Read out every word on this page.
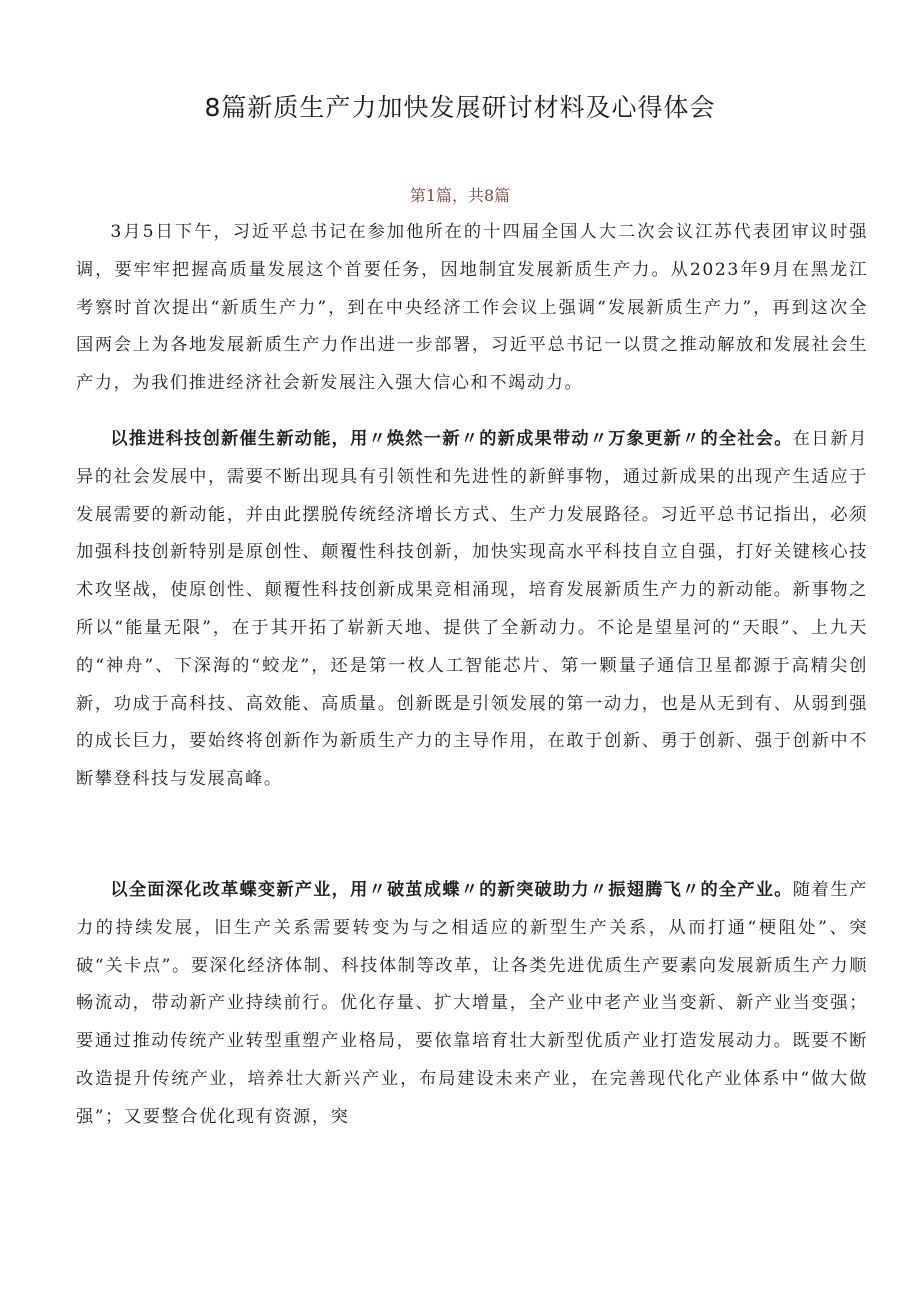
8篇新质生产力加快发展研讨材料及心得体会

第1篇，共8篇

3月5日下午，习近平总书记在参加他所在的十四届全国人大二次会议江苏代表团审议时强调，要牢牢把握高质量发展这个首要任务，因地制宜发展新质生产力。从2023年9月在黑龙江考察时首次提出“新质生产力”，到在中央经济工作会议上强调“发展新质生产力”，再到这次全国两会上为各地发展新质生产力作出进一步部署，习近平总书记一以贯之推动解放和发展社会生产力，为我们推进经济社会新发展注入强大信心和不竭动力。

以推进科技创新催生新动能，用〃焕然一新〃的新成果带动〃万象更新〃的全社会。在日新月异的社会发展中，需要不断出现具有引领性和先进性的新鲜事物，通过新成果的出现产生适应于发展需要的新动能，并由此摆脱传统经济增长方式、生产力发展路径。习近平总书记指出，必须加强科技创新特别是原创性、颠覆性科技创新，加快实现高水平科技自立自强，打好关键核心技术攻坚战，使原创性、颠覆性科技创新成果竞相涌现，培育发展新质生产力的新动能。新事物之所以“能量无限”，在于其开拓了崭新天地、提供了全新动力。不论是望星河的“天眼”、上九天的“神舟”、下深海的“蛟龙”，还是第一枚人工智能芯片、第一颗量子通信卫星都源于高精尖创新，功成于高科技、高效能、高质量。创新既是引领发展的第一动力，也是从无到有、从弱到强的成长巨力，要始终将创新作为新质生产力的主导作用，在敢于创新、勇于创新、强于创新中不断攀登科技与发展高峰。

以全面深化改革蝶变新产业，用〃破茧成蝶〃的新突破助力〃振翅腾飞〃的全产业。随着生产力的持续发展，旧生产关系需要转变为与之相适应的新型生产关系，从而打通“梗阻处”、突破“关卡点”。要深化经济体制、科技体制等改革，让各类先进优质生产要素向发展新质生产力顺畅流动，带动新产业持续前行。优化存量、扩大增量，全产业中老产业当变新、新产业当变强；要通过推动传统产业转型重塑产业格局，要依靠培育壮大新型优质产业打造发展动力。既要不断改造提升传统产业，培养壮大新兴产业，布局建设未来产业，在完善现代化产业体系中“做大做强”；又要整合优化现有资源，突
